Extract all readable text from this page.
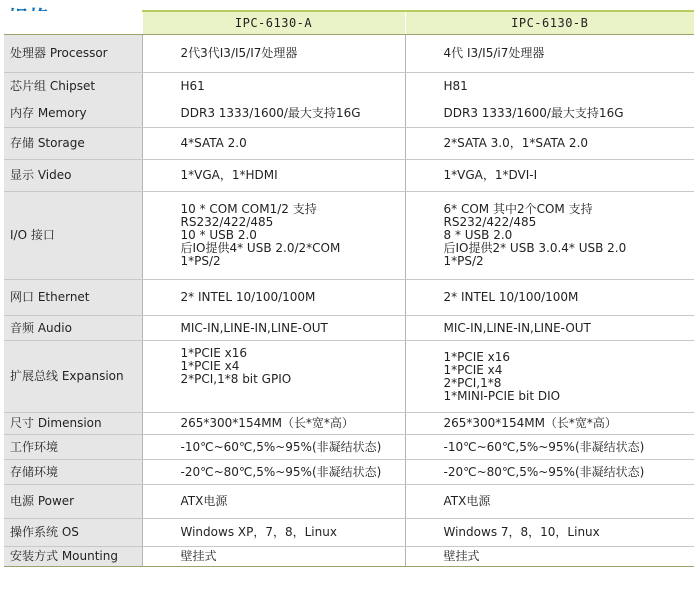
	IPC-6130-A	IPC-6130-B
处理器 Processor	2代3代I3/I5/I7处理器	4代 I3/I5/i7处理器

芯片组 Chipset	H61	H81

内存 Memory	DDR3 1333/1600/最大支持16G	DDR3 1333/1600/最大支持16G

存储 Storage	4*SATA 2.0	2*SATA 3.0，1*SATA 2.0

显示 Video	1*VGA，1*HDMI	1*VGA，1*DVI-I

I/O 接口	10 * COM COM1/2 支持
RS232/422/485
10 * USB 2.0
后IO提供4* USB 2.0/2*COM
1*PS/2	6* COM 其中2个COM 支持
RS232/422/485
8 * USB 2.0
后IO提供2* USB 3.0.4* USB 2.0
1*PS/2

网口 Ethernet	2* INTEL 10/100/100M	2* INTEL 10/100/100M

音频 Audio	MIC-IN,LINE-IN,LINE-OUT	MIC-IN,LINE-IN,LINE-OUT

扩展总线 Expansion	1*PCIE x16
1*PCIE x4
2*PCI,1*8 bit GPIO	1*PCIE x16
1*PCIE x4
2*PCI,1*8
1*MINI-PCIE bit DIO

尺寸 Dimension	265*300*154MM（长*宽*高）	265*300*154MM（长*宽*高）

工作环境	-10℃~60℃,5%~95%(非凝结状态)	-10℃~60℃,5%~95%(非凝结状态)

存储环境	-20℃~80℃,5%~95%(非凝结状态)	-20℃~80℃,5%~95%(非凝结状态)

电源 Power	ATX电源	ATX电源

操作系统 OS	Windows XP，7，8，Linux	Windows 7，8，10，Linux

安装方式 Mounting	壁挂式	壁挂式
